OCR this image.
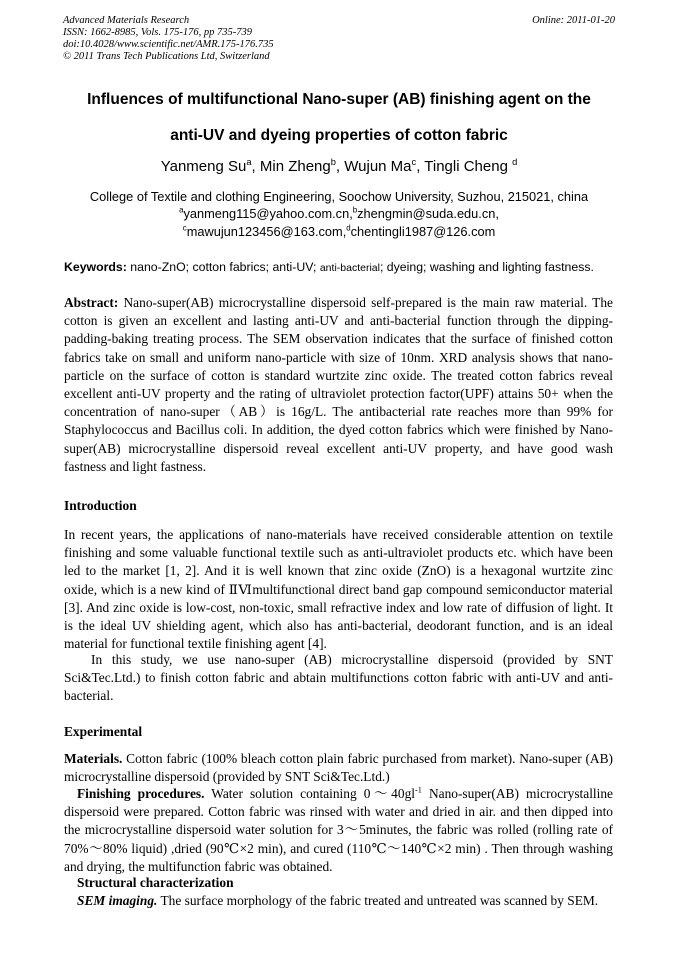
Advanced Materials Research
ISSN: 1662-8985, Vols. 175-176, pp 735-739
doi:10.4028/www.scientific.net/AMR.175-176.735
© 2011 Trans Tech Publications Ltd, Switzerland
Online: 2011-01-20
Influences of multifunctional Nano-super (AB) finishing agent on the
anti-UV and dyeing properties of cotton fabric
Yanmeng Su$^a$, Min Zheng$^b$, Wujun Ma$^c$, Tingli Cheng $^d$
College of Textile and clothing Engineering, Soochow University, Suzhou, 215021, china
$^a$yanmeng115@yahoo.com.cn,$^b$zhengmin@suda.edu.cn,
$^c$mawujun123456@163.com,$^d$chentingli1987@126.com
Keywords: nano-ZnO; cotton fabrics; anti-UV; anti-bacterial; dyeing; washing and lighting fastness.

Abstract: Nano-super(AB) microcrystalline dispersoid self-prepared is the main raw material. The cotton is given an excellent and lasting anti-UV and anti-bacterial function through the dipping-padding-baking treating process. The SEM observation indicates that the surface of finished cotton fabrics take on small and uniform nano-particle with size of 10nm. XRD analysis shows that nano-particle on the surface of cotton is standard wurtzite zinc oxide. The treated cotton fabrics reveal excellent anti-UV property and the rating of ultraviolet protection factor(UPF) attains 50+ when the concentration of nano-super（AB）is 16g/L. The antibacterial rate reaches more than 99% for Staphylococcus and Bacillus coli. In addition, the dyed cotton fabrics which were finished by Nano-super(AB) microcrystalline dispersoid reveal excellent anti-UV property, and have good wash fastness and light fastness.

Introduction

In recent years, the applications of nano-materials have received considerable attention on textile finishing and some valuable functional textile such as anti-ultraviolet products etc. which have been led to the market [1, 2]. And it is well known that zinc oxide (ZnO) is a hexagonal wurtzite zinc oxide, which is a new kind of ⅡⅥmultifunctional direct band gap compound semiconductor material [3]. And zinc oxide is low-cost, non-toxic, small refractive index and low rate of diffusion of light. It is the ideal UV shielding agent, which also has anti-bacterial, deodorant function, and is an ideal material for functional textile finishing agent [4].

In this study, we use nano-super (AB) microcrystalline dispersoid (provided by SNT Sci&Tec.Ltd.) to finish cotton fabric and abtain multifunctions cotton fabric with anti-UV and anti-bacterial.

Experimental

Materials. Cotton fabric (100% bleach cotton plain fabric purchased from market). Nano-super (AB) microcrystalline dispersoid (provided by SNT Sci&Tec.Ltd.)

Finishing procedures. Water solution containing $0\sim 40gl^{-1}$ Nano-super(AB) microcrystalline dispersoid were prepared. Cotton fabric was rinsed with water and dried in air. and then dipped into the microcrystalline dispersoid water solution for 3～5minutes, the fabric was rolled (rolling rate of 70%～80% liquid) ,dried (90℃×2 min), and cured (110℃～140℃×2 min) . Then through washing and drying, the multifunction fabric was obtained.

Structural characterization

SEM imaging. The surface morphology of the fabric treated and untreated was scanned by SEM.
